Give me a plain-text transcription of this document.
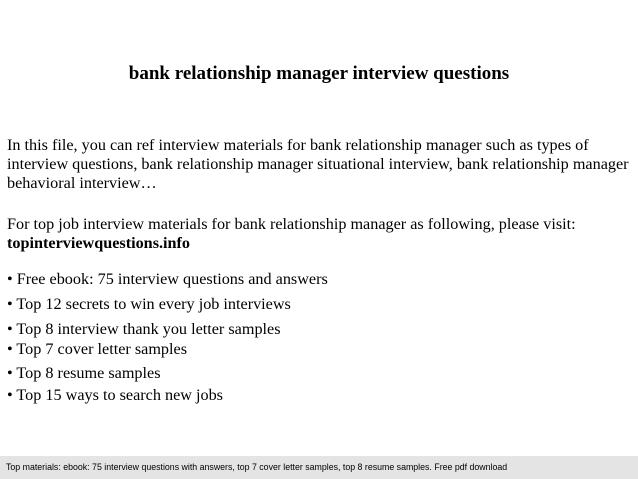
bank relationship manager interview questions
In this file, you can ref interview materials for bank relationship manager such as types of interview questions, bank relationship manager situational interview, bank relationship manager behavioral interview…
For top job interview materials for bank relationship manager as following, please visit:
topinterviewquestions.info
• Free ebook: 75 interview questions and answers
• Top 12 secrets to win every job interviews
• Top 8 interview thank you letter samples
• Top 7 cover letter samples
• Top 8 resume samples
• Top 15 ways to search new jobs
Top materials: ebook: 75 interview questions with answers, top 7 cover letter samples, top 8 resume samples. Free pdf download
